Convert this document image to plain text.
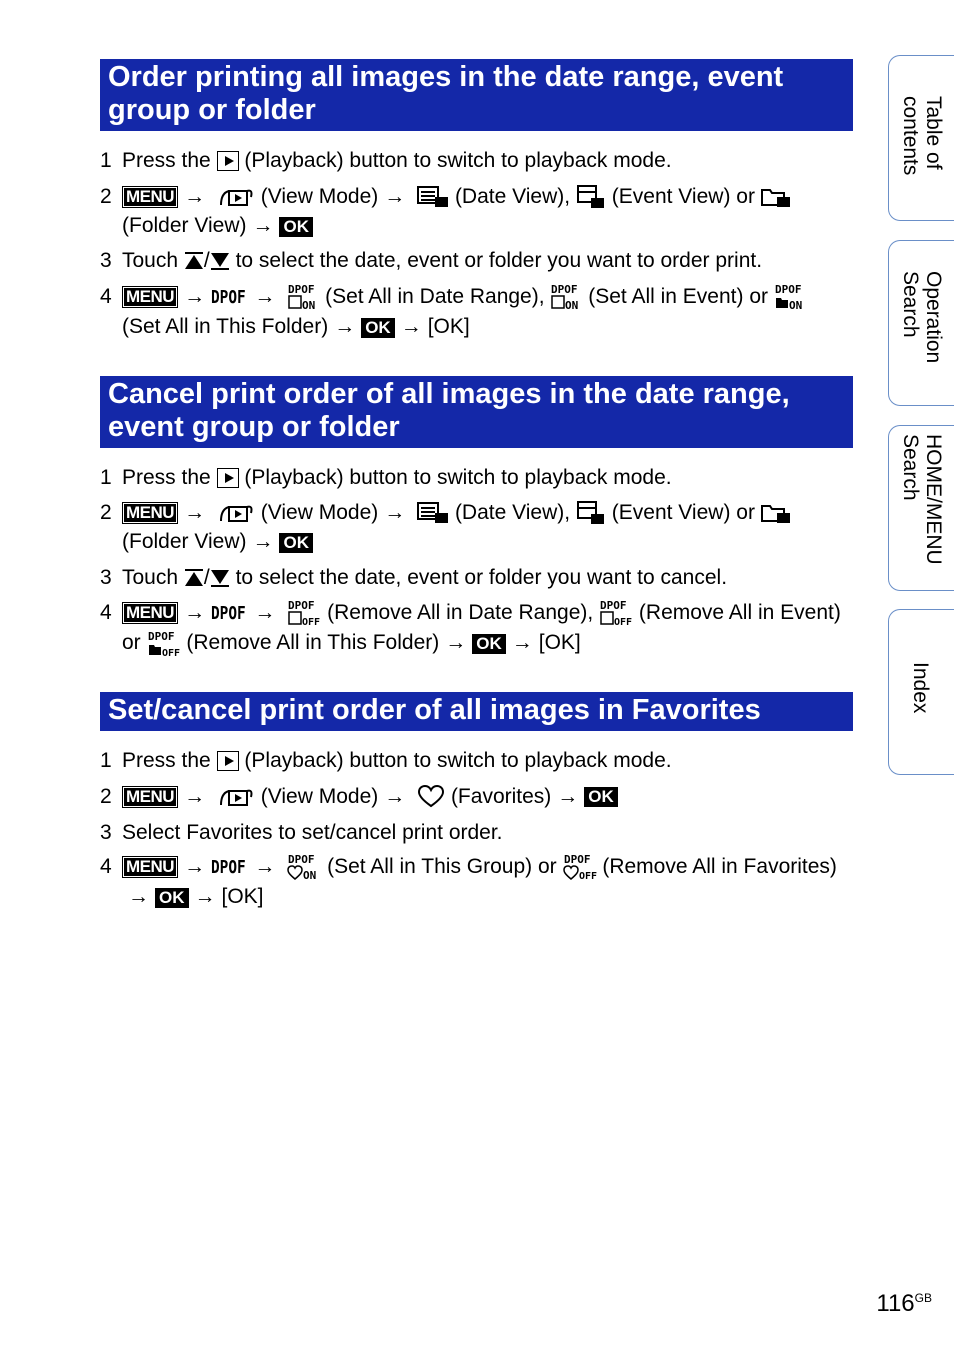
Order printing all images in the date range, event group or folder
1 Press the (Playback) button to switch to playback mode.
2 MENU →	(View Mode) → (Date View), (Event View) or
(Folder View) → OK
3 Touch / to select the date, event or folder you want to order print.
4 MENU → DPOF → DPOF
ON (Set All in Date Range), DPOF
ON (Set All in Event) or DPOF
ON

(Set All in This Folder) → OK → [OK]
Cancel print order of all images in the date range, event group or folder
1 Press the (Playback) button to switch to playback mode.
2 MENU →	(View Mode) → (Date View), (Event View) or
(Folder View) → OK
3 Touch / to select the date, event or folder you want to cancel.
4 MENU → DPOF → DPOF
OFF (Remove All in Date Range), DPOF
OFF (Remove All in Event) or DPOF
OFF (Remove All in This Folder) → OK → [OK]
Set/cancel print order of all images in Favorites
1 Press the (Playback) button to switch to playback mode.
2 MENU →	(View Mode) → (Favorites) → OK
3 Select Favorites to set/cancel print order.
4 MENU → DPOF → DPOF
ON (Set All in This Group) or DPOF
OFF (Remove All in Favorites)→ OK → [OK]
Table of
contents
Operation
Search
HOME/MENU
Search
Index
$116^{GB}$
